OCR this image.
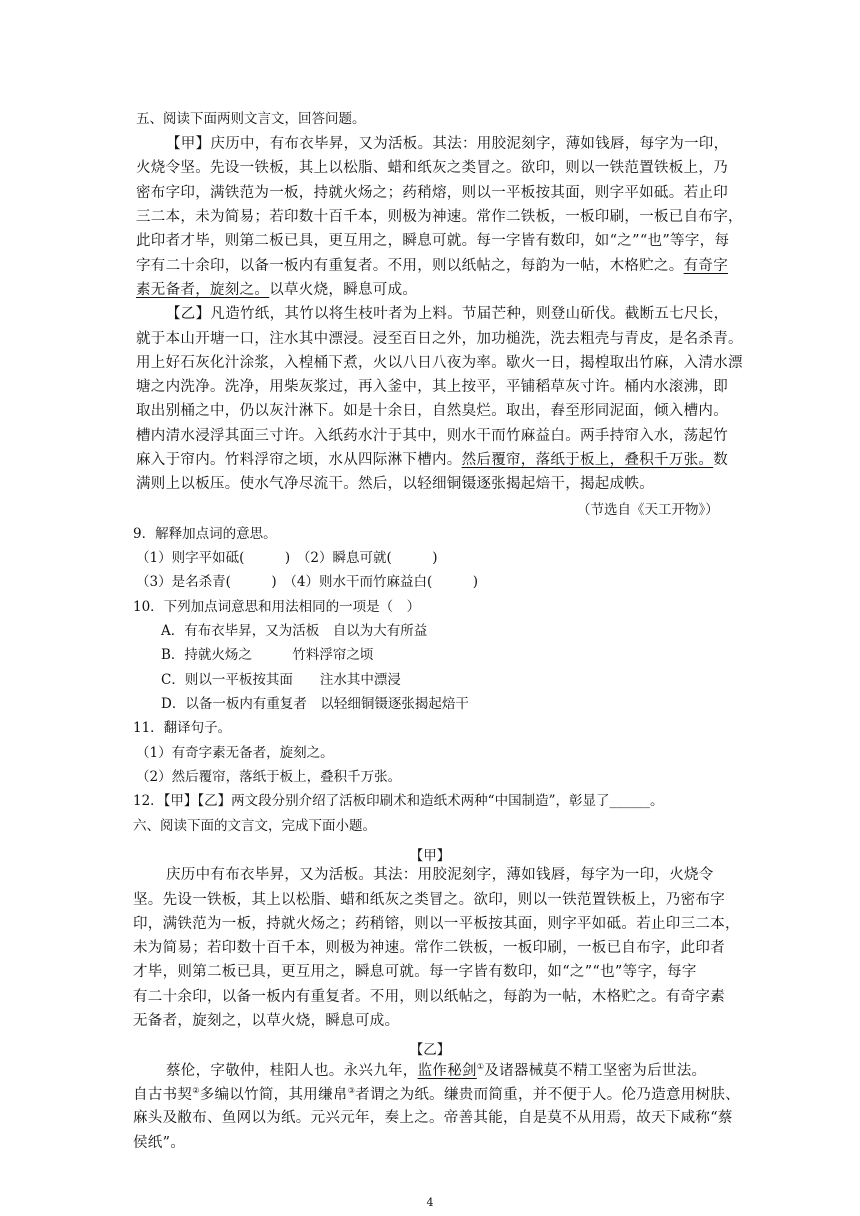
五、阅读下面两则文言文，回答问题。
【甲】庆历中，有布衣毕昇，又为活板。其法：用胶泥刻字，薄如钱唇，每字为一印，
火烧令坚。先设一铁板，其上以松脂、蜡和纸灰之类冒之。欲印，则以一铁范置铁板上，乃
密布字印，满铁范为一板，持就火炀之；药稍熔，则以一平板按其面，则字平如砥。若止印
三二本，未为简易；若印数十百千本，则极为神速。常作二铁板，一板印刷，一板已自布字，
此印者才毕，则第二板已具，更互用之，瞬息可就。每一字皆有数印，如“之”“也”等字，每
字有二十余印，以备一板内有重复者。不用，则以纸帖之，每韵为一帖，木格贮之。有奇字
素无备者，旋刻之。以草火烧，瞬息可成。
【乙】凡造竹纸，其竹以将生枝叶者为上料。节届芒种，则登山斫伐。截断五七尺长，
就于本山开塘一口，注水其中漂浸。浸至百日之外，加功槌洗，洗去粗壳与青皮，是名杀青。
用上好石灰化汁涂浆，入楻桶下煮，火以八日八夜为率。歇火一日，揭楻取出竹麻，入清水漂
塘之内洗净。洗净，用柴灰浆过，再入釜中，其上按平，平铺稻草灰寸许。桶内水滚沸，即
取出别桶之中，仍以灰汁淋下。如是十余日，自然臭烂。取出，舂至形同泥面，倾入槽内。
槽内清水浸浮其面三寸许。入纸药水汁于其中，则水干而竹麻益白。两手持帘入水，荡起竹
麻入于帘内。竹料浮帘之顷，水从四际淋下槽内。然后覆帘，落纸于板上，叠积千万张。数
满则上以板压。使水气净尽流干。然后，以轻细铜镊逐张揭起焙干，揭起成帙。
（节选自《天工开物》）
9．解释加点词的意思。
（1）则字平如砥(　　　)　（2）瞬息可就(　　　)
（3）是名杀青(　　　)　（4）则水干而竹麻益白(　　　)
10．下列加点词意思和用法相同的一项是（　）
A．有布衣毕昇，又为活板　自以为大有所益
B．持就火炀之　　　竹料浮帘之顷
C．则以一平板按其面　　注水其中漂浸
D．以备一板内有重复者　以轻细铜镊逐张揭起焙干
11．翻译句子。
（1）有奇字素无备者，旋刻之。
（2）然后覆帘，落纸于板上，叠积千万张。
12．【甲】【乙】两文段分别介绍了活板印刷术和造纸术两种“中国制造”，彰显了______。
六、阅读下面的文言文，完成下面小题。
【甲】
庆历中有布衣毕昇，又为活板。其法：用胶泥刻字，薄如钱唇，每字为一印，火烧令
坚。先设一铁板，其上以松脂、蜡和纸灰之类冒之。欲印，则以一铁范置铁板上，乃密布字
印，满铁范为一板，持就火炀之；药稍镕，则以一平板按其面，则字平如砥。若止印三二本，
未为简易；若印数十百千本，则极为神速。常作二铁板，一板印刷，一板已自布字，此印者
才毕，则第二板已具，更互用之，瞬息可就。每一字皆有数印，如“之”“也”等字，每字
有二十余印，以备一板内有重复者。不用，则以纸帖之，每韵为一帖，木格贮之。有奇字素
无备者，旋刻之，以草火烧，瞬息可成。
【乙】
蔡伦，字敬仲，桂阳人也。永兴九年，监作秘剑①及诸器械莫不精工坚密为后世法。
自古书契②多编以竹简，其用缣帛③者谓之为纸。缣贵而简重，并不便于人。伦乃造意用树肤、
麻头及敝布、鱼网以为纸。元兴元年，奏上之。帝善其能，自是莫不从用焉，故天下咸称“蔡
侯纸”。
4
